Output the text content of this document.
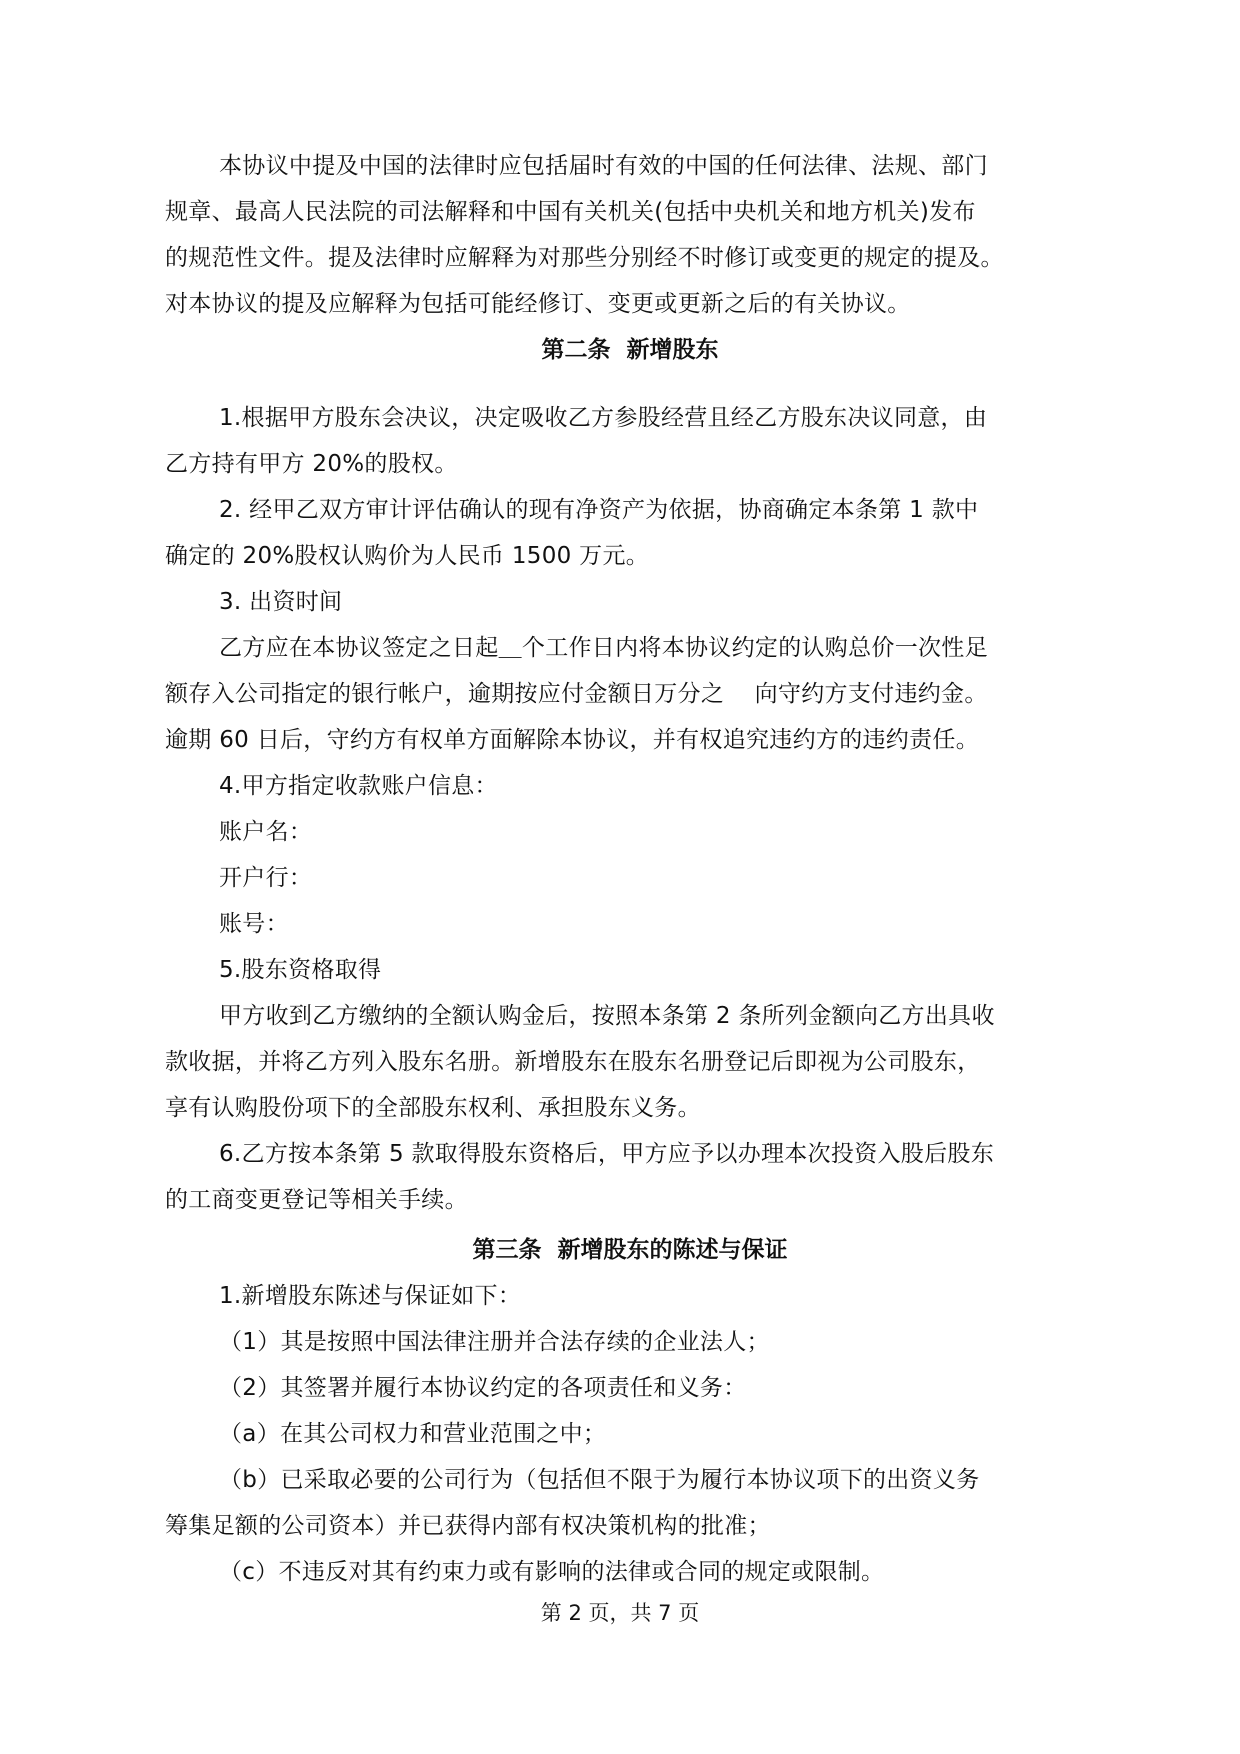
本协议中提及中国的法律时应包括届时有效的中国的任何法律、法规、部门
规章、最高人民法院的司法解释和中国有关机关(包括中央机关和地方机关)发布
的规范性文件。提及法律时应解释为对那些分别经不时修订或变更的规定的提及。
对本协议的提及应解释为包括可能经修订、变更或更新之后的有关协议。
第二条  新增股东
1.根据甲方股东会决议，决定吸收乙方参股经营且经乙方股东决议同意，由
乙方持有甲方 20%的股权。
2. 经甲乙双方审计评估确认的现有净资产为依据，协商确定本条第 1 款中
确定的 20%股权认购价为人民币 1500 万元。
3. 出资时间
乙方应在本协议签定之日起＿个工作日内将本协议约定的认购总价一次性足
额存入公司指定的银行帐户，逾期按应付金额日万分之    向守约方支付违约金。
逾期 60 日后，守约方有权单方面解除本协议，并有权追究违约方的违约责任。
4.甲方指定收款账户信息：
账户名：
开户行：
账号：
5.股东资格取得
甲方收到乙方缴纳的全额认购金后，按照本条第 2 条所列金额向乙方出具收
款收据，并将乙方列入股东名册。新增股东在股东名册登记后即视为公司股东，
享有认购股份项下的全部股东权利、承担股东义务。
6.乙方按本条第 5 款取得股东资格后，甲方应予以办理本次投资入股后股东
的工商变更登记等相关手续。
第三条  新增股东的陈述与保证
1.新增股东陈述与保证如下：
（1）其是按照中国法律注册并合法存续的企业法人；
（2）其签署并履行本协议约定的各项责任和义务：
（a）在其公司权力和营业范围之中；
（b）已采取必要的公司行为（包括但不限于为履行本协议项下的出资义务
筹集足额的公司资本）并已获得内部有权决策机构的批准；
（c）不违反对其有约束力或有影响的法律或合同的规定或限制。
第 2 页，共 7 页
